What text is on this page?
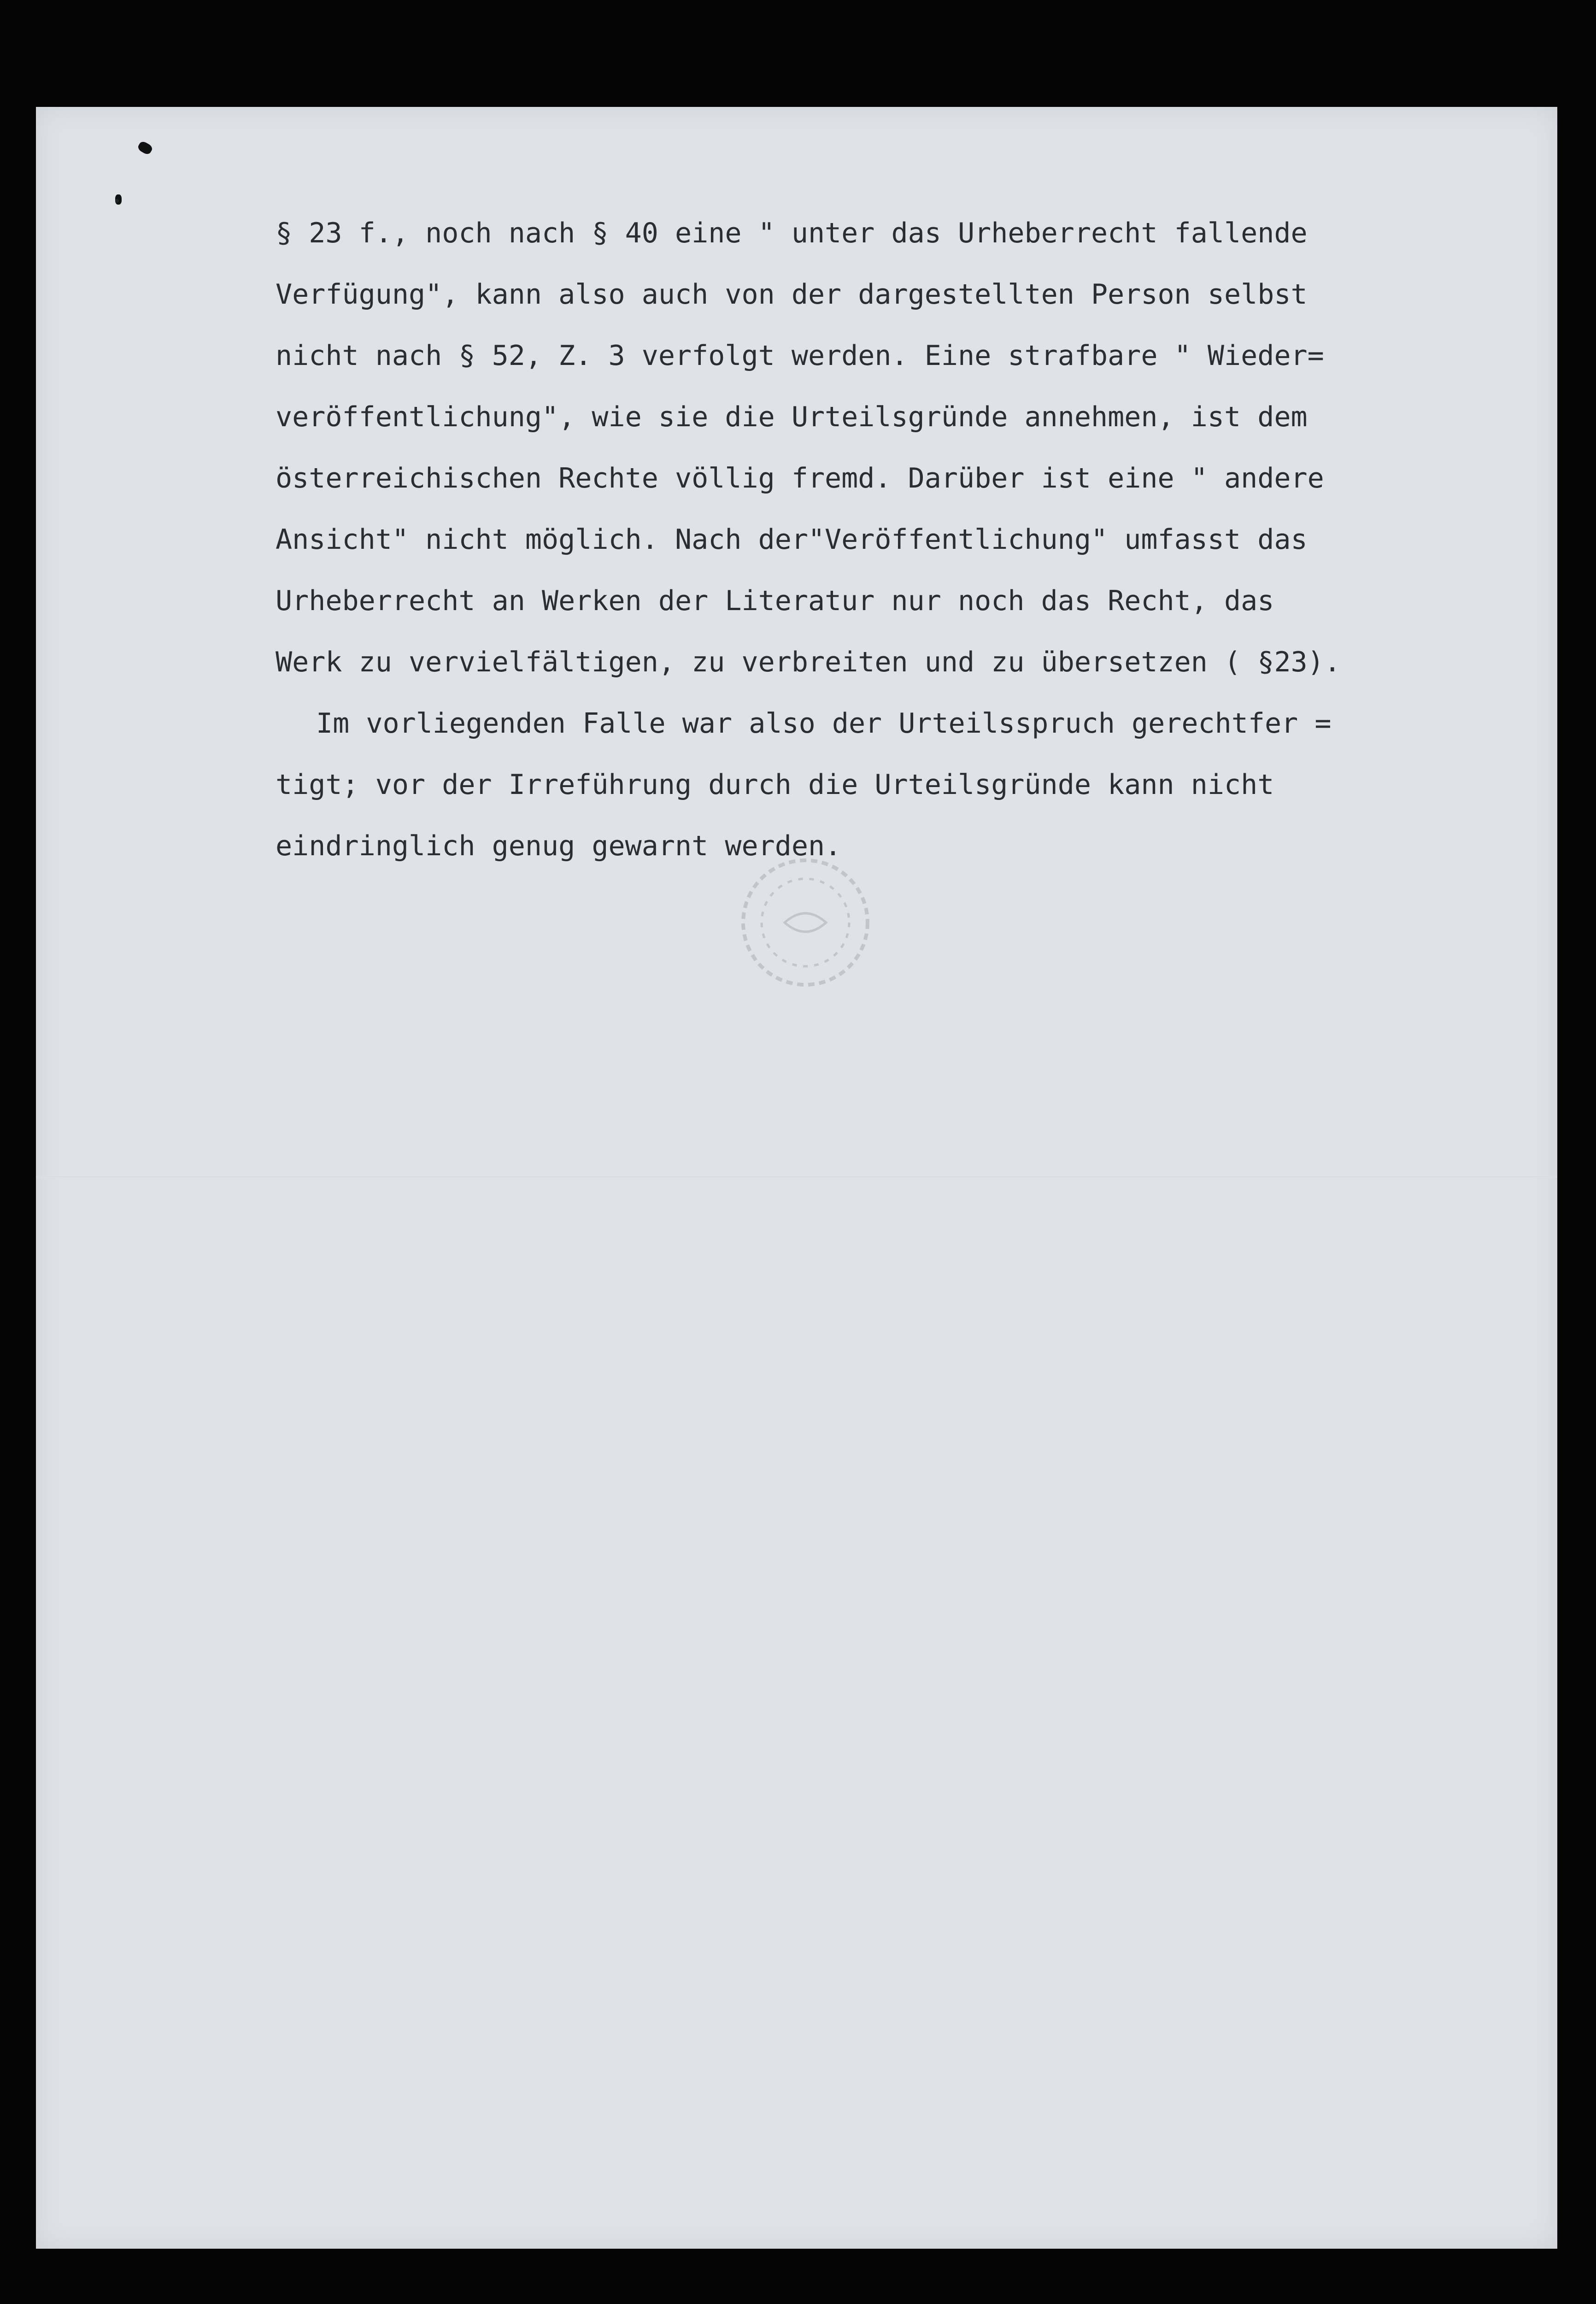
§ 23 f., noch nach § 40 eine " unter das Urheberrecht fallende
Verfügung", kann also auch von der dargestellten Person selbst
nicht nach § 52, Z. 3 verfolgt werden. Eine strafbare " Wieder=
veröffentlichung", wie sie die Urteilsgründe annehmen, ist dem
österreichischen Rechte völlig fremd. Darüber ist eine " andere
Ansicht" nicht möglich. Nach der"Veröffentlichung" umfasst das
Urheberrecht an Werken der Literatur nur noch das Recht, das
Werk zu vervielfältigen, zu verbreiten und zu übersetzen ( §23).
Im vorliegenden Falle war also der Urteilsspruch gerechtfer =
tigt; vor der Irreführung durch die Urteilsgründe kann nicht
eindringlich genug gewarnt werden.
